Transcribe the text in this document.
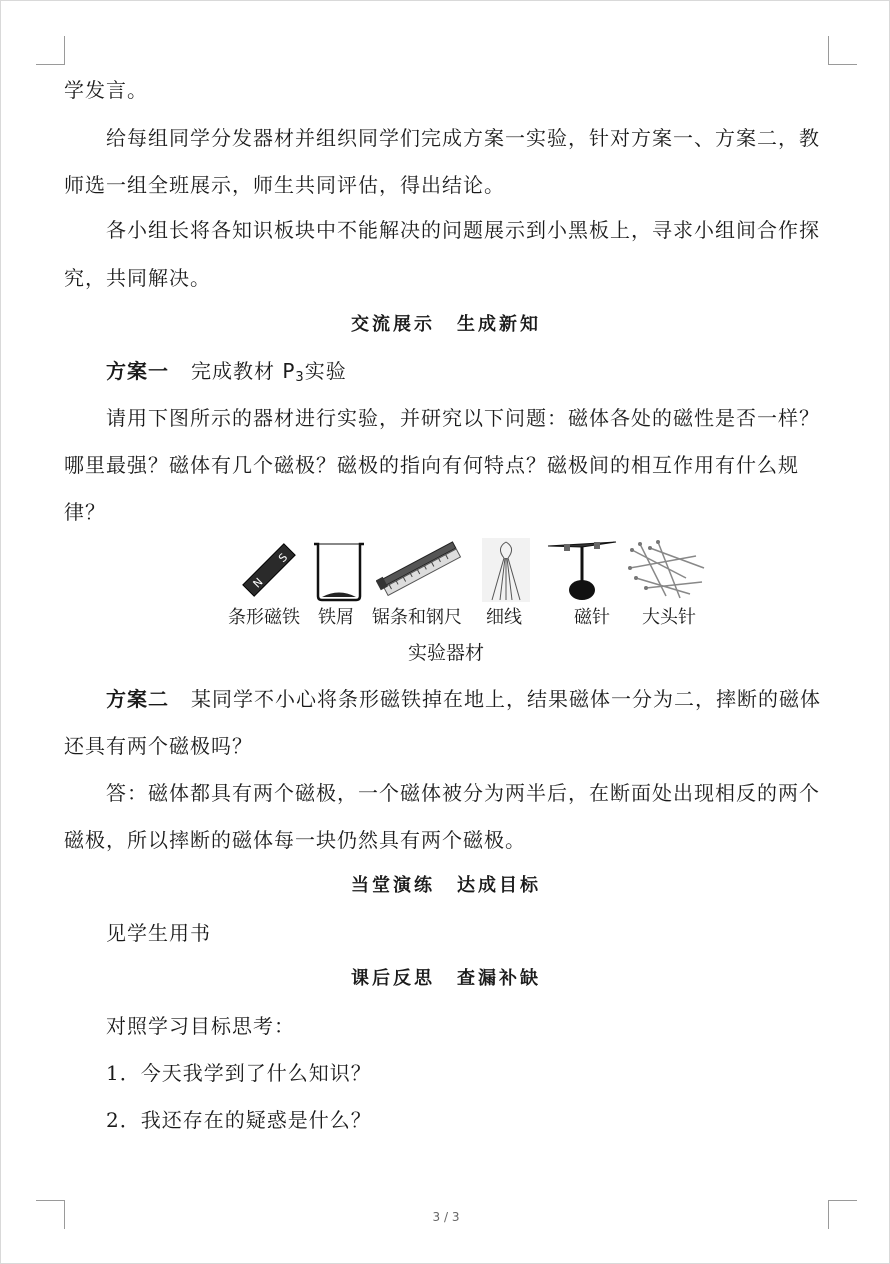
学发言。
给每组同学分发器材并组织同学们完成方案一实验，针对方案一、方案二，教
师选一组全班展示，师生共同评估，得出结论。
各小组长将各知识板块中不能解决的问题展示到小黑板上，寻求小组间合作探
究，共同解决。
交流展示 生成新知
方案一 完成教材 $P_3$实验
请用下图所示的器材进行实验，并研究以下问题：磁体各处的磁性是否一样？
哪里最强？磁体有几个磁极？磁极的指向有何特点？磁极间的相互作用有什么规
律？
N
S
条形磁铁 铁屑 锯条和钢尺 细线	磁针 大头针
实验器材
方案二 某同学不小心将条形磁铁掉在地上，结果磁体一分为二，摔断的磁体
还具有两个磁极吗？
答：磁体都具有两个磁极，一个磁体被分为两半后，在断面处出现相反的两个
磁极，所以摔断的磁体每一块仍然具有两个磁极。
当堂演练 达成目标
见学生用书
课后反思 查漏补缺
对照学习目标思考：
1．今天我学到了什么知识？
2．我还存在的疑惑是什么？
3 / 3
